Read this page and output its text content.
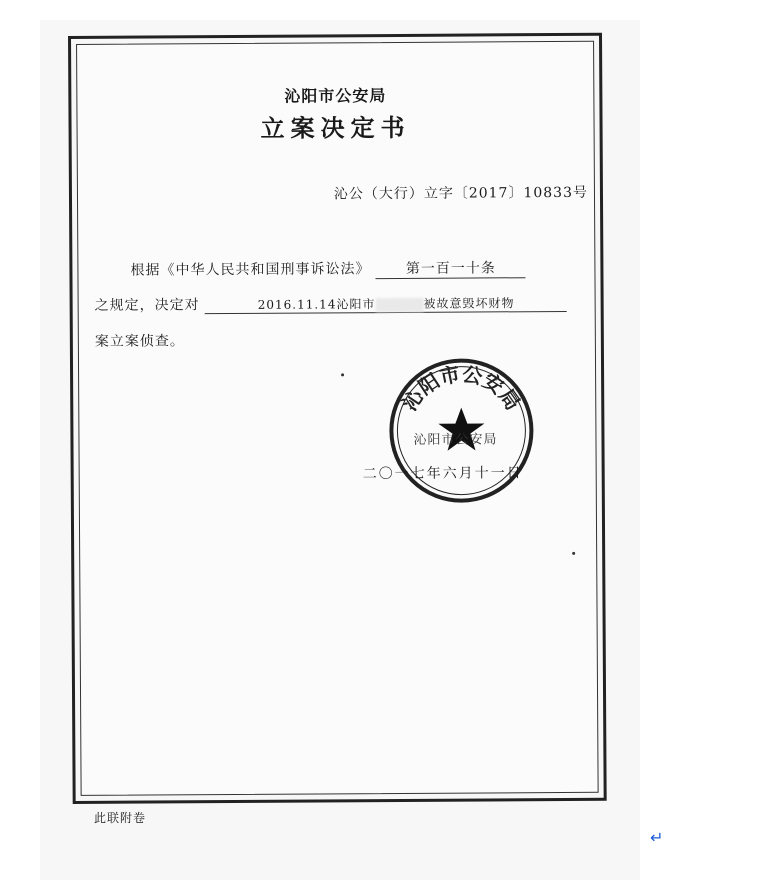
沁阳市公安局
立案决定书
沁公（大行）立字〔2017〕10833号
根据《中华人民共和国刑事诉讼法》	第一百一十条
之规定，决定对	2016.11.14沁阳市	被故意毁坏财物
案立案侦查。
沁阳市公安局
沁阳市公安局
二〇一七年六月十一日
此联附卷
↵
